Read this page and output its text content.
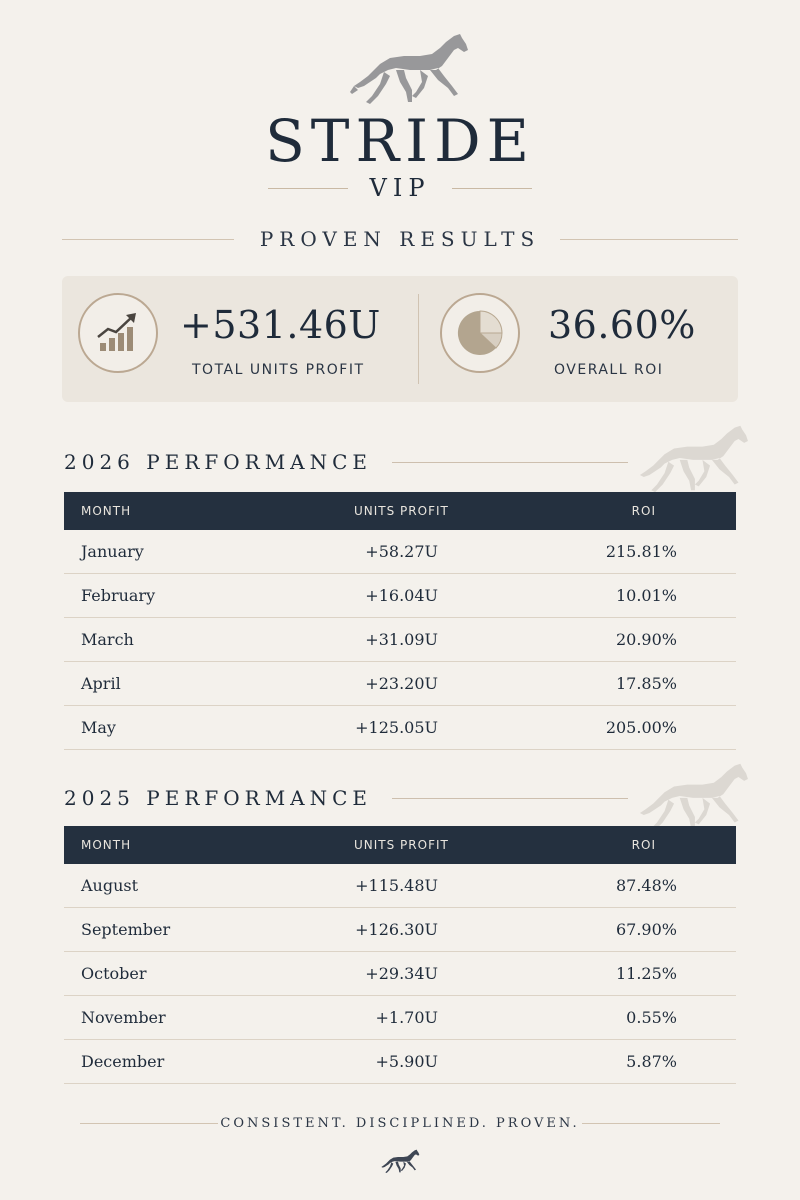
STRIDE
VIP
PROVEN RESULTS
+531.46U
TOTAL UNITS PROFIT
36.60%
OVERALL ROI
2026 PERFORMANCE
MONTH	UNITS PROFIT	ROI
January	+58.27U	215.81%
February	+16.04U	10.01%
March	+31.09U	20.90%
April	+23.20U	17.85%
May	+125.05U	205.00%
2025 PERFORMANCE
MONTH	UNITS PROFIT	ROI
August	+115.48U	87.48%
September	+126.30U	67.90%
October	+29.34U	11.25%
November	+1.70U	0.55%
December	+5.90U	5.87%
CONSISTENT. DISCIPLINED. PROVEN.
